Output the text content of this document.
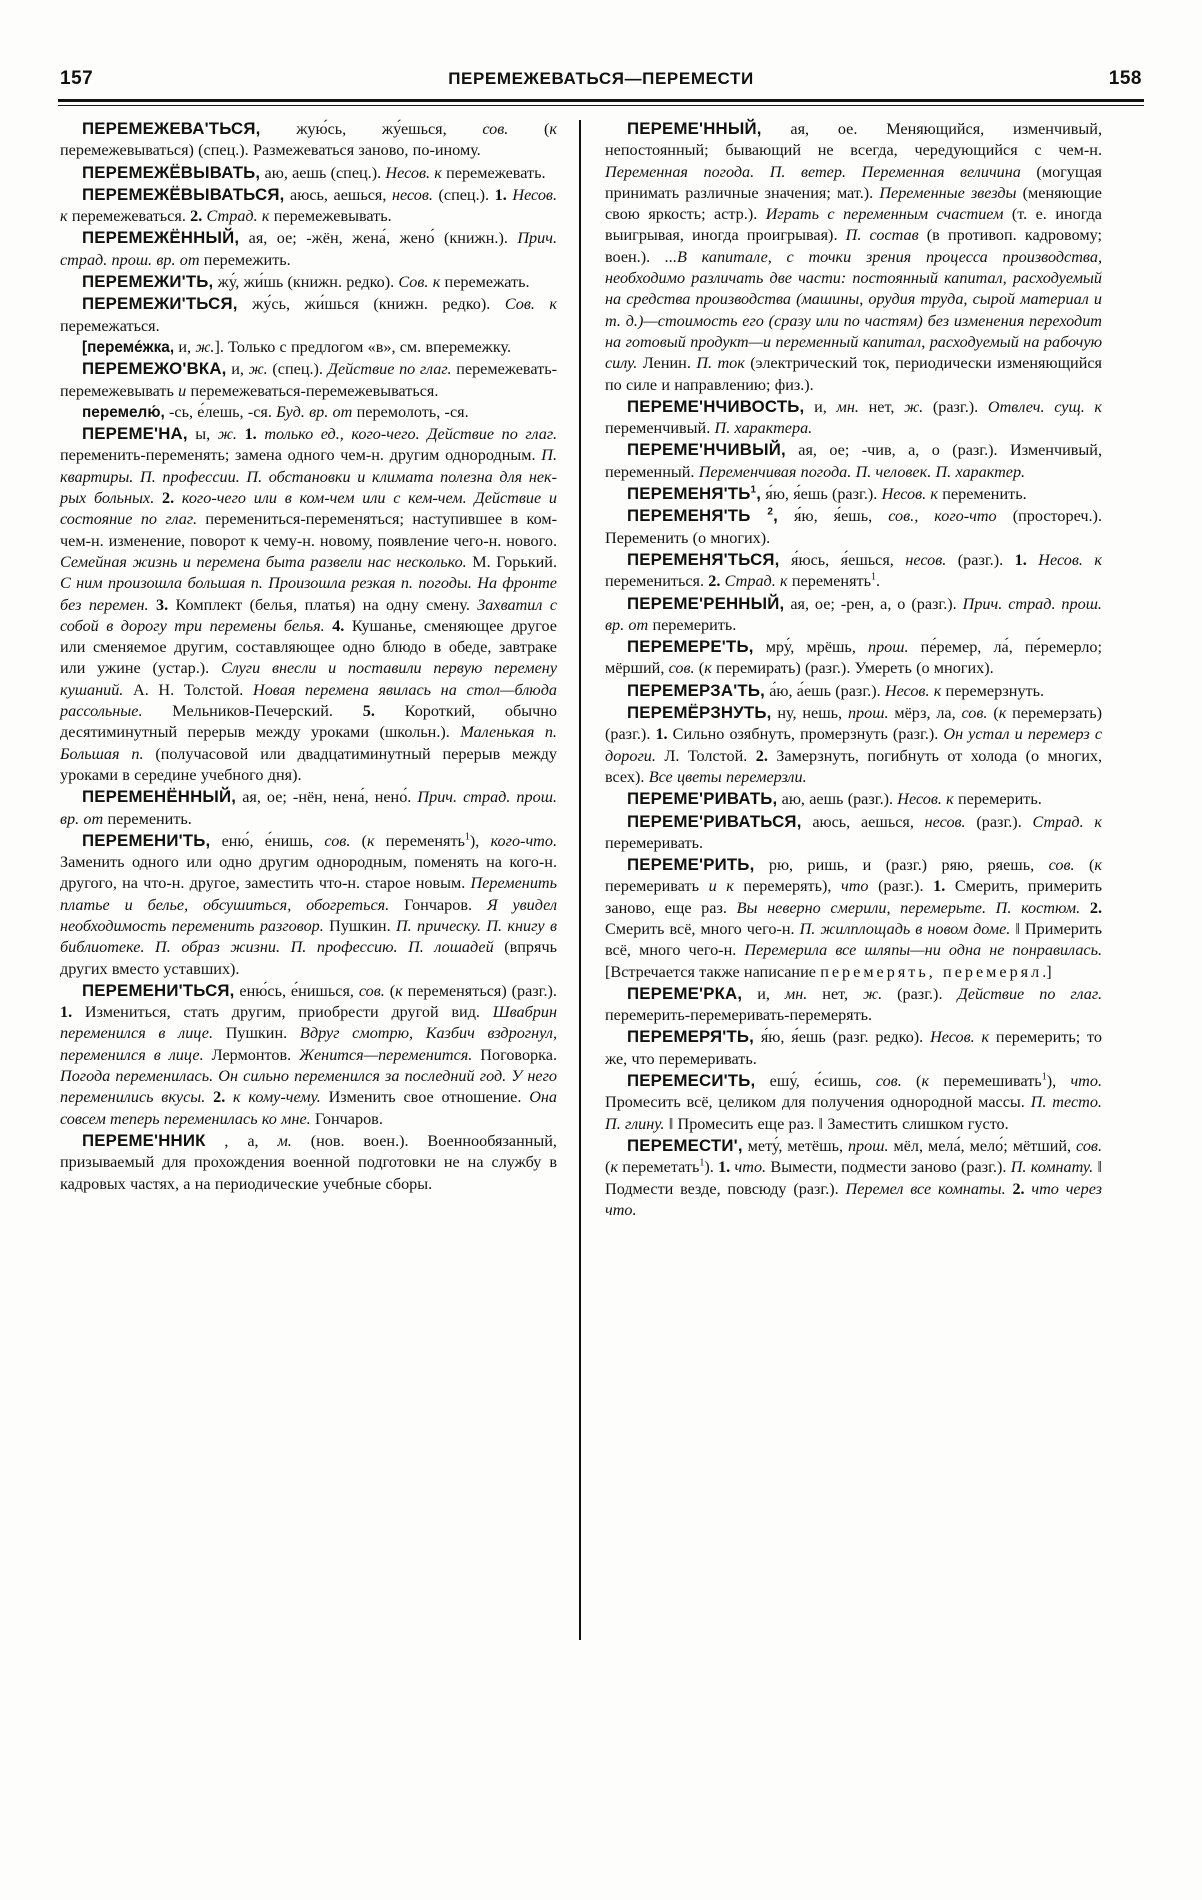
157	ПЕРЕМЕЖЕВАТЬСЯ—ПЕРЕМЕСТИ	158

ПЕРЕМЕЖЕВА'ТЬСЯ, жую́сь, жу́ешься, сов. (к перемежевываться) (спец.). Размежеваться заново, по-иному.

ПЕРЕМЕЖЁВЫВАТЬ, аю, аешь (спец.). Несов. к перемежевать.

ПЕРЕМЕЖЁВЫВАТЬСЯ, аюсь, аешься, несов. (спец.). 1. Несов. к перемежеваться. 2. Страд. к перемежевывать.

ПЕРЕМЕЖЁННЫЙ, ая, ое; -жён, жена́, жено́ (книжн.). Прич. страд. прош. вр. от перемежить.

ПЕРЕМЕЖИ'ТЬ, жу́, жи́шь (книжн. редко). Сов. к перемежать.

ПЕРЕМЕЖИ'ТЬСЯ, жу́сь, жи́шься (книжн. редко). Сов. к перемежаться.

[переме́жка, и, ж.]. Только с предлогом «в», см. вперемежку.

ПЕРЕМЕЖО'ВКА, и, ж. (спец.). Действие по глаг. перемежевать-перемежевывать и перемежеваться-перемежевываться.

перемелю́, -сь, е́лешь, -ся. Буд. вр. от перемолоть, -ся.

ПЕРЕМЕ'НА, ы, ж. 1. только ед., кого-чего. Действие по глаг. переменить-переменять; замена одного чем-н. другим однородным. П. квартиры. П. профессии. П. обстановки и климата полезна для нек-рых больных. 2. кого-чего или в ком-чем или с кем-чем. Действие и состояние по глаг. перемениться-переменяться; наступившее в ком-чем-н. изменение, поворот к чему-н. новому, появление чего-н. нового. Семейная жизнь и перемена быта развели нас несколько. М. Горький. С ним произошла большая п. Произошла резкая п. погоды. На фронте без перемен. 3. Комплект (белья, платья) на одну смену. Захватил с собой в дорогу три перемены белья. 4. Кушанье, сменяющее другое или сменяемое другим, составляющее одно блюдо в обеде, завтраке или ужине (устар.). Слуги внесли и поставили первую перемену кушаний. А. Н. Толстой. Новая перемена явилась на стол—блюда рассольные. Мельников-Печерский. 5. Короткий, обычно десятиминутный перерыв между уроками (школьн.). Маленькая п. Большая п. (получасовой или двадцатиминутный перерыв между уроками в середине учебного дня).

ПЕРЕМЕНЁННЫЙ, ая, ое; -нён, нена́, нено́. Прич. страд. прош. вр. от переменить.

ПЕРЕМЕНИ'ТЬ, еню́, е́нишь, сов. (к переменять$^1$), кого-что. Заменить одного или одно другим однородным, поменять на кого-н. другого, на что-н. другое, заместить что-н. старое новым. Переменить платье и белье, обсушиться, обогреться. Гончаров. Я увидел необходимость переменить разговор. Пушкин. П. прическу. П. книгу в библиотеке. П. образ жизни. П. профессию. П. лошадей (впрячь других вместо уставших).

ПЕРЕМЕНИ'ТЬСЯ, еню́сь, е́нишься, сов. (к переменяться) (разг.). 1. Измениться, стать другим, приобрести другой вид. Швабрин переменился в лице. Пушкин. Вдруг смотрю, Казбич вздрогнул, переменился в лице. Лермонтов. Женится—переменится. Поговорка. Погода переменилась. Он сильно переменился за последний год. У него переменились вкусы. 2. к кому-чему. Изменить свое отношение. Она совсем теперь переменилась ко мне. Гончаров.

ПЕРЕМЕ'ННИК , а, м. (нов. воен.). Военнообязанный, призываемый для прохождения военной подготовки не на службу в кадровых частях, а на периодические учебные сборы.

ПЕРЕМЕ'ННЫЙ, ая, ое. Меняющийся, изменчивый, непостоянный; бывающий не всегда, чередующийся с чем-н. Переменная погода. П. ветер. Переменная величина (могущая принимать различные значения; мат.). Переменные звезды (меняющие свою яркость; астр.). Играть с переменным счастием (т. е. иногда выигрывая, иногда проигрывая). П. состав (в противоп. кадровому; воен.). ...В капитале, с точки зрения процесса производства, необходимо различать две части: постоянный капитал, расходуемый на средства производства (машины, орудия труда, сырой материал и т. д.)—стоимость его (сразу или по частям) без изменения переходит на готовый продукт—и переменный капитал, расходуемый на рабочую силу. Ленин. П. ток (электрический ток, периодически изменяющийся по силе и направлению; физ.).

ПЕРЕМЕ'НЧИВОСТЬ, и, мн. нет, ж. (разг.). Отвлеч. сущ. к переменчивый. П. характера.

ПЕРЕМЕ'НЧИВЫЙ, ая, ое; -чив, а, о (разг.). Изменчивый, переменный. Переменчивая погода. П. человек. П. характер.

$ПЕРЕМЕНЯ'ТЬ^1$, я́ю, я́ешь (разг.). Несов. к переменить.

ПЕРЕМЕНЯ'ТЬ $^2$, я́ю, я́ешь, сов., кого-что (простореч.). Переменить (о многих).

ПЕРЕМЕНЯ'ТЬСЯ, я́юсь, я́ешься, несов. (разг.). 1. Несов. к перемениться. 2. Страд. к переменять$^1$.

ПЕРЕМЕ'РЕННЫЙ, ая, ое; -рен, а, о (разг.). Прич. страд. прош. вр. от перемерить.

ПЕРЕМЕРЕ'ТЬ, мру́, мрёшь, прош. пе́ремер, ла́, пе́ремерло; мёрший, сов. (к перемирать) (разг.). Умереть (о многих).

ПЕРЕМЕРЗА'ТЬ, а́ю, а́ешь (разг.). Несов. к перемерзнуть.

ПЕРЕМЁРЗНУТЬ, ну, нешь, прош. мёрз, ла, сов. (к перемерзать) (разг.). 1. Сильно озябнуть, промерзнуть (разг.). Он устал и перемерз с дороги. Л. Толстой. 2. Замерзнуть, погибнуть от холода (о многих, всех). Все цветы перемерзли.

ПЕРЕМЕ'РИВАТЬ, аю, аешь (разг.). Несов. к перемерить.

ПЕРЕМЕ'РИВАТЬСЯ, аюсь, аешься, несов. (разг.). Страд. к перемеривать.

ПЕРЕМЕ'РИТЬ, рю, ришь, и (разг.) ряю, ряешь, сов. (к перемеривать и к перемерять), что (разг.). 1. Смерить, примерить заново, еще раз. Вы неверно смерили, перемерьте. П. костюм. 2. Смерить всё, много чего-н. П. жилплощадь в новом доме. ‖ Примерить всё, много чего-н. Перемерила все шляпы—ни одна не понравилась. [Встречается также написание перемерять, перемерял.]

ПЕРЕМЕ'РКА, и, мн. нет, ж. (разг.). Действие по глаг. перемерить-перемеривать-перемерять.

ПЕРЕМЕРЯ'ТЬ, я́ю, я́ешь (разг. редко). Несов. к перемерить; то же, что перемеривать.

ПЕРЕМЕСИ'ТЬ, ешу́, е́сишь, сов. (к перемешивать$^1$), что. Промесить всё, целиком для получения однородной массы. П. тесто. П. глину. ‖ Промесить еще раз. ‖ Заместить слишком густо.

ПЕРЕМЕСТИ', мету́, метёшь, прош. мёл, мела́, мело́; мётший, сов. (к переметать$^1$). 1. что. Вымести, подмести заново (разг.). П. комнату. ‖ Подмести везде, повсюду (разг.). Перемел все комнаты. 2. что через что.
